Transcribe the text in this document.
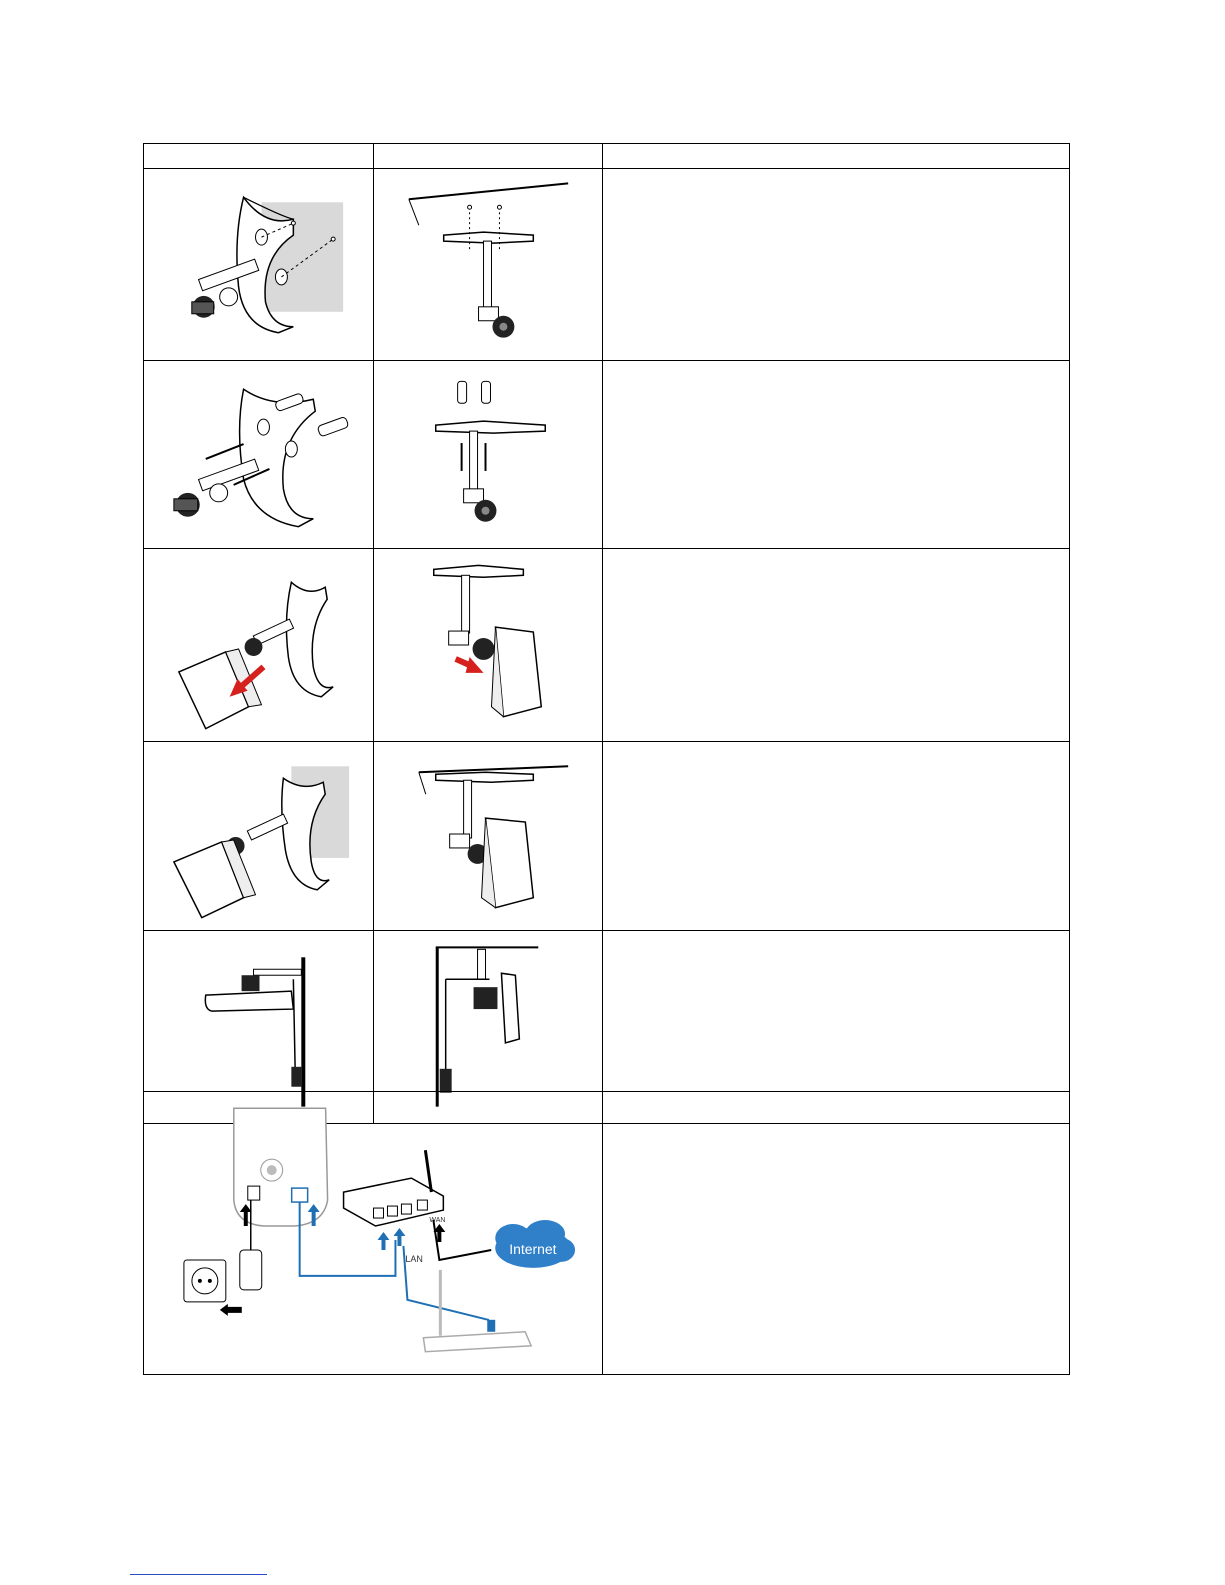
LAN
WAN
Internet
